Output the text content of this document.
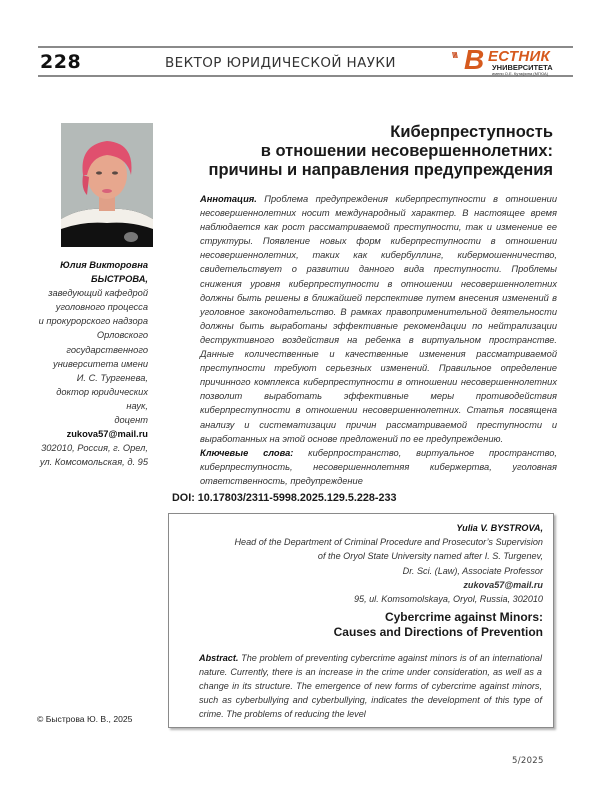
228	ВЕКТОР ЮРИДИЧЕСКОЙ НАУКИ	\\\\ В ЕСТНИК
УНИВЕРСИТЕТА
имени О.Е. Кутафина (МГЮА)
Юлия Викторовна
БЫСТРОВА,
заведующий кафедрой
уголовного процесса
и прокурорского надзора
Орловского
государственного
университета имени
И. С. Тургенева,
доктор юридических наук,
доцент
zukova57@mail.ru
302010, Россия, г. Орел,
ул. Комсомольская, д. 95
Киберпреступность
в отношении несовершеннолетних:
причины и направления предупреждения
Аннотация. Проблема предупреждения киберпреступности в отношении несовершеннолетних носит международный характер. В настоящее время наблюдается как рост рассматриваемой преступности, так и изменение ее структуры. Появление новых форм киберпреступности в отношении несовершеннолетних, таких как кибербуллинг, кибермошенничество, свидетельствует о развитии данного вида преступности. Проблемы снижения уровня киберпреступности в отношении несовершеннолетних должны быть решены в ближайшей перспективе путем внесения изменений в уголовное законодательство. В рамках правоприменительной деятельности должны быть выработаны эффективные рекомендации по нейтрализации деструктивного воздействия на ребенка в виртуальном пространстве. Данные количественные и качественные изменения рассматриваемой преступности требуют серьезных изменений. Правильное определение причинного комплекса киберпреступности в отношении несовершеннолетних позволит выработать эффективные меры противодействия киберпреступности в отношении несовершеннолетних. Статья посвящена анализу и систематизации причин рассматриваемой преступности и выработанных на этой основе предложений по ее предупреждению.
Ключевые слова: киберпространство, виртуальное пространство, киберпреступность, несовершеннолетняя кибержертва, уголовная ответственность, предупреждение
DOI: 10.17803/2311-5998.2025.129.5.228-233
Yulia V. BYSTROVA,
Head of the Department of Criminal Procedure and Prosecutor’s Supervision
of the Oryol State University named after I. S. Turgenev,
Dr. Sci. (Law), Associate Professor
zukova57@mail.ru
95, ul. Komsomolskaya, Oryol, Russia, 302010
Cybercrime against Minors:
Causes and Directions of Prevention
Abstract. The problem of preventing cybercrime against minors is of an international nature. Currently, there is an increase in the crime under consideration, as well as a change in its structure. The emergence of new forms of cybercrime against minors, such as cyberbullying and cyberbullying, indicates the development of this type of crime. The problems of reducing the level
© Быстрова Ю. В., 2025
5/2025
